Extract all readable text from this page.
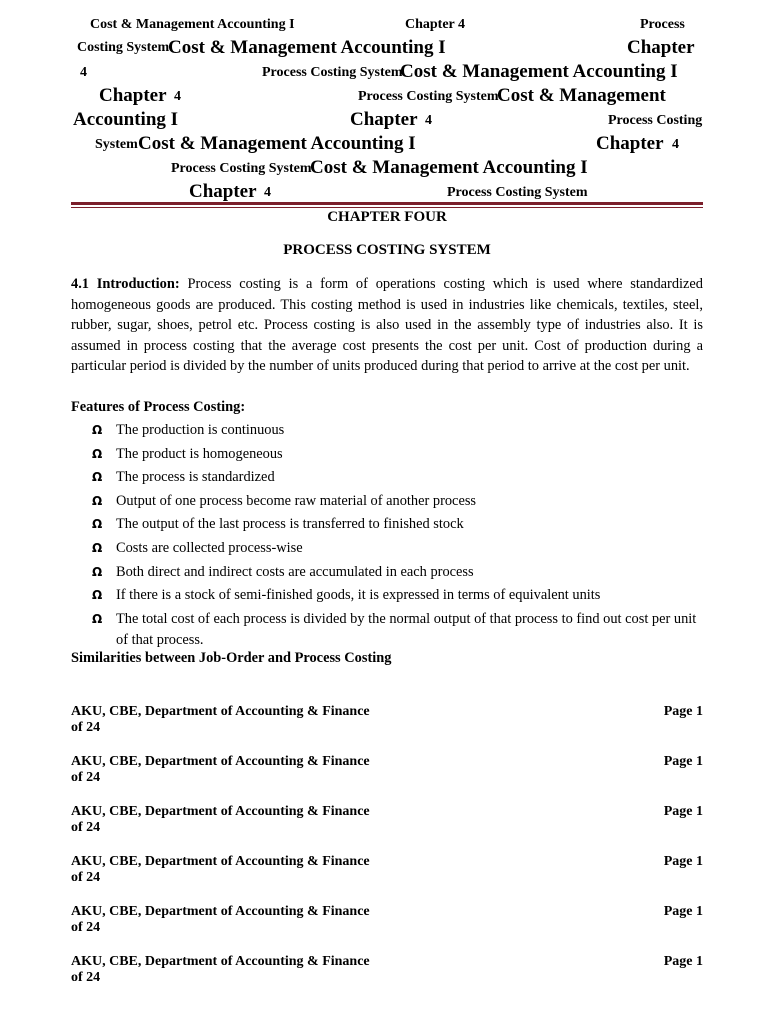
Cost & Management Accounting I	Chapter 4	Process
Costing System
Cost & Management Accounting I	Chapter
4	Process Costing System
Cost & Management Accounting I
Chapter 4	Process Costing System
Cost & Management
Accounting I	Chapter 4	Process Costing
System Cost & Management Accounting I	Chapter 4
Process Costing System
Cost & Management Accounting I
Chapter 4	Process Costing System
CHAPTER FOUR
PROCESS COSTING SYSTEM

4.1 Introduction: Process costing is a form of operations costing which is used where standardized homogeneous goods are produced. This costing method is used in industries like chemicals, textiles, steel, rubber, sugar, shoes, petrol etc. Process costing is also used in the assembly type of industries also. It is assumed in process costing that the average cost presents the cost per unit. Cost of production during a particular period is divided by the number of units produced during that period to arrive at the cost per unit.

Features of Process Costing:
Ω The production is continuous
Ω The product is homogeneous
Ω The process is standardized
Ω Output of one process become raw material of another process
Ω The output of the last process is transferred to finished stock
Ω Costs are collected process-wise
Ω Both direct and indirect costs are accumulated in each process
Ω If there is a stock of semi-finished goods, it is expressed in terms of equivalent units
Ω The total cost of each process is divided by the normal output of that process to find out cost per unit of that process.
Similarities between Job-Order and Process Costing
AKU, CBE, Department of Accounting & Finance	Page 1
of 24
AKU, CBE, Department of Accounting & Finance	Page 1
of 24
AKU, CBE, Department of Accounting & Finance	Page 1
of 24
AKU, CBE, Department of Accounting & Finance	Page 1
of 24
AKU, CBE, Department of Accounting & Finance	Page 1
of 24
AKU, CBE, Department of Accounting & Finance	Page 1
of 24
